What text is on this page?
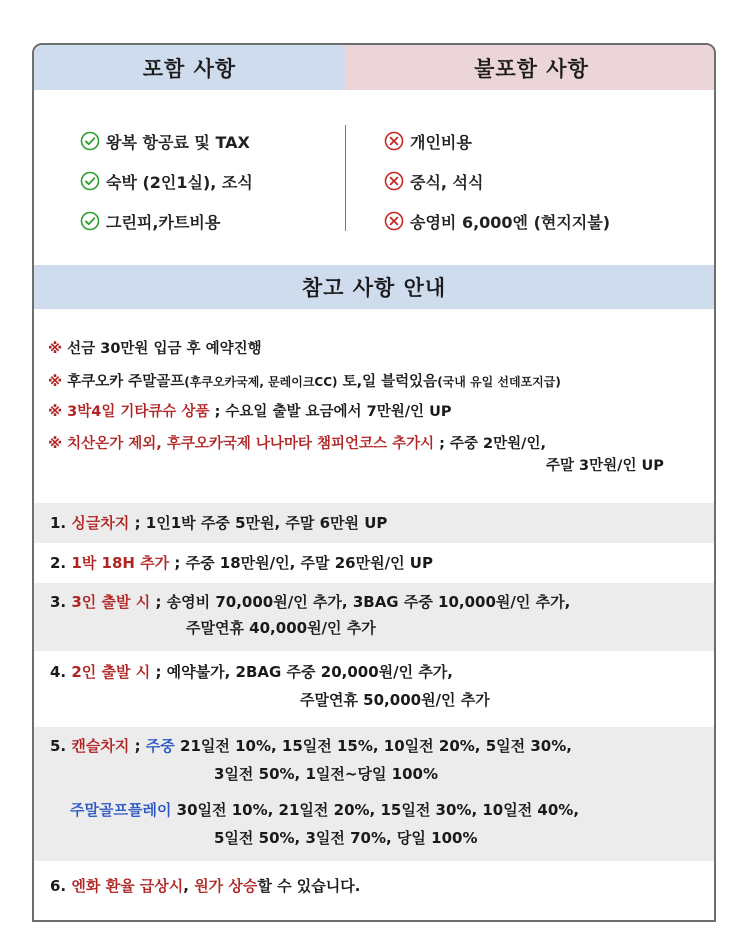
포함 사항	불포함 사항
왕복 항공료 및 TAX
숙박 (2인1실), 조식
그린피,카트비용
개인비용
중식, 석식
송영비 6,000엔 (현지지불)
참고 사항 안내
※ 선금 30만원 입금 후 예약진행
※ 후쿠오카 주말골프(후쿠오카국제, 문레이크CC) 토,일 블럭있음(국내 유일 선데포지급)
※ 3박4일 기타큐슈 상품 ; 수요일 출발 요금에서 7만원/인 UP
※ 치산온가 제외, 후쿠오카국제 나나마타 챔피언코스 추가시 ; 주중 2만원/인,
주말 3만원/인 UP
1. 싱글차지 ; 1인1박 주중 5만원, 주말 6만원 UP
2. 1박 18H 추가 ; 주중 18만원/인, 주말 26만원/인 UP
3. 3인 출발 시 ; 송영비 70,000원/인 추가, 3BAG 주중 10,000원/인 추가,
주말연휴 40,000원/인 추가
4. 2인 출발 시 ; 예약불가, 2BAG 주중 20,000원/인 추가,
주말연휴 50,000원/인 추가
5. 캔슬차지 ; 주중 21일전 10%, 15일전 15%, 10일전 20%, 5일전 30%,
3일전 50%, 1일전~당일 100%
주말골프플레이 30일전 10%, 21일전 20%, 15일전 30%, 10일전 40%,
5일전 50%, 3일전 70%, 당일 100%
6. 엔화 환율 급상시, 원가 상승할 수 있습니다.
